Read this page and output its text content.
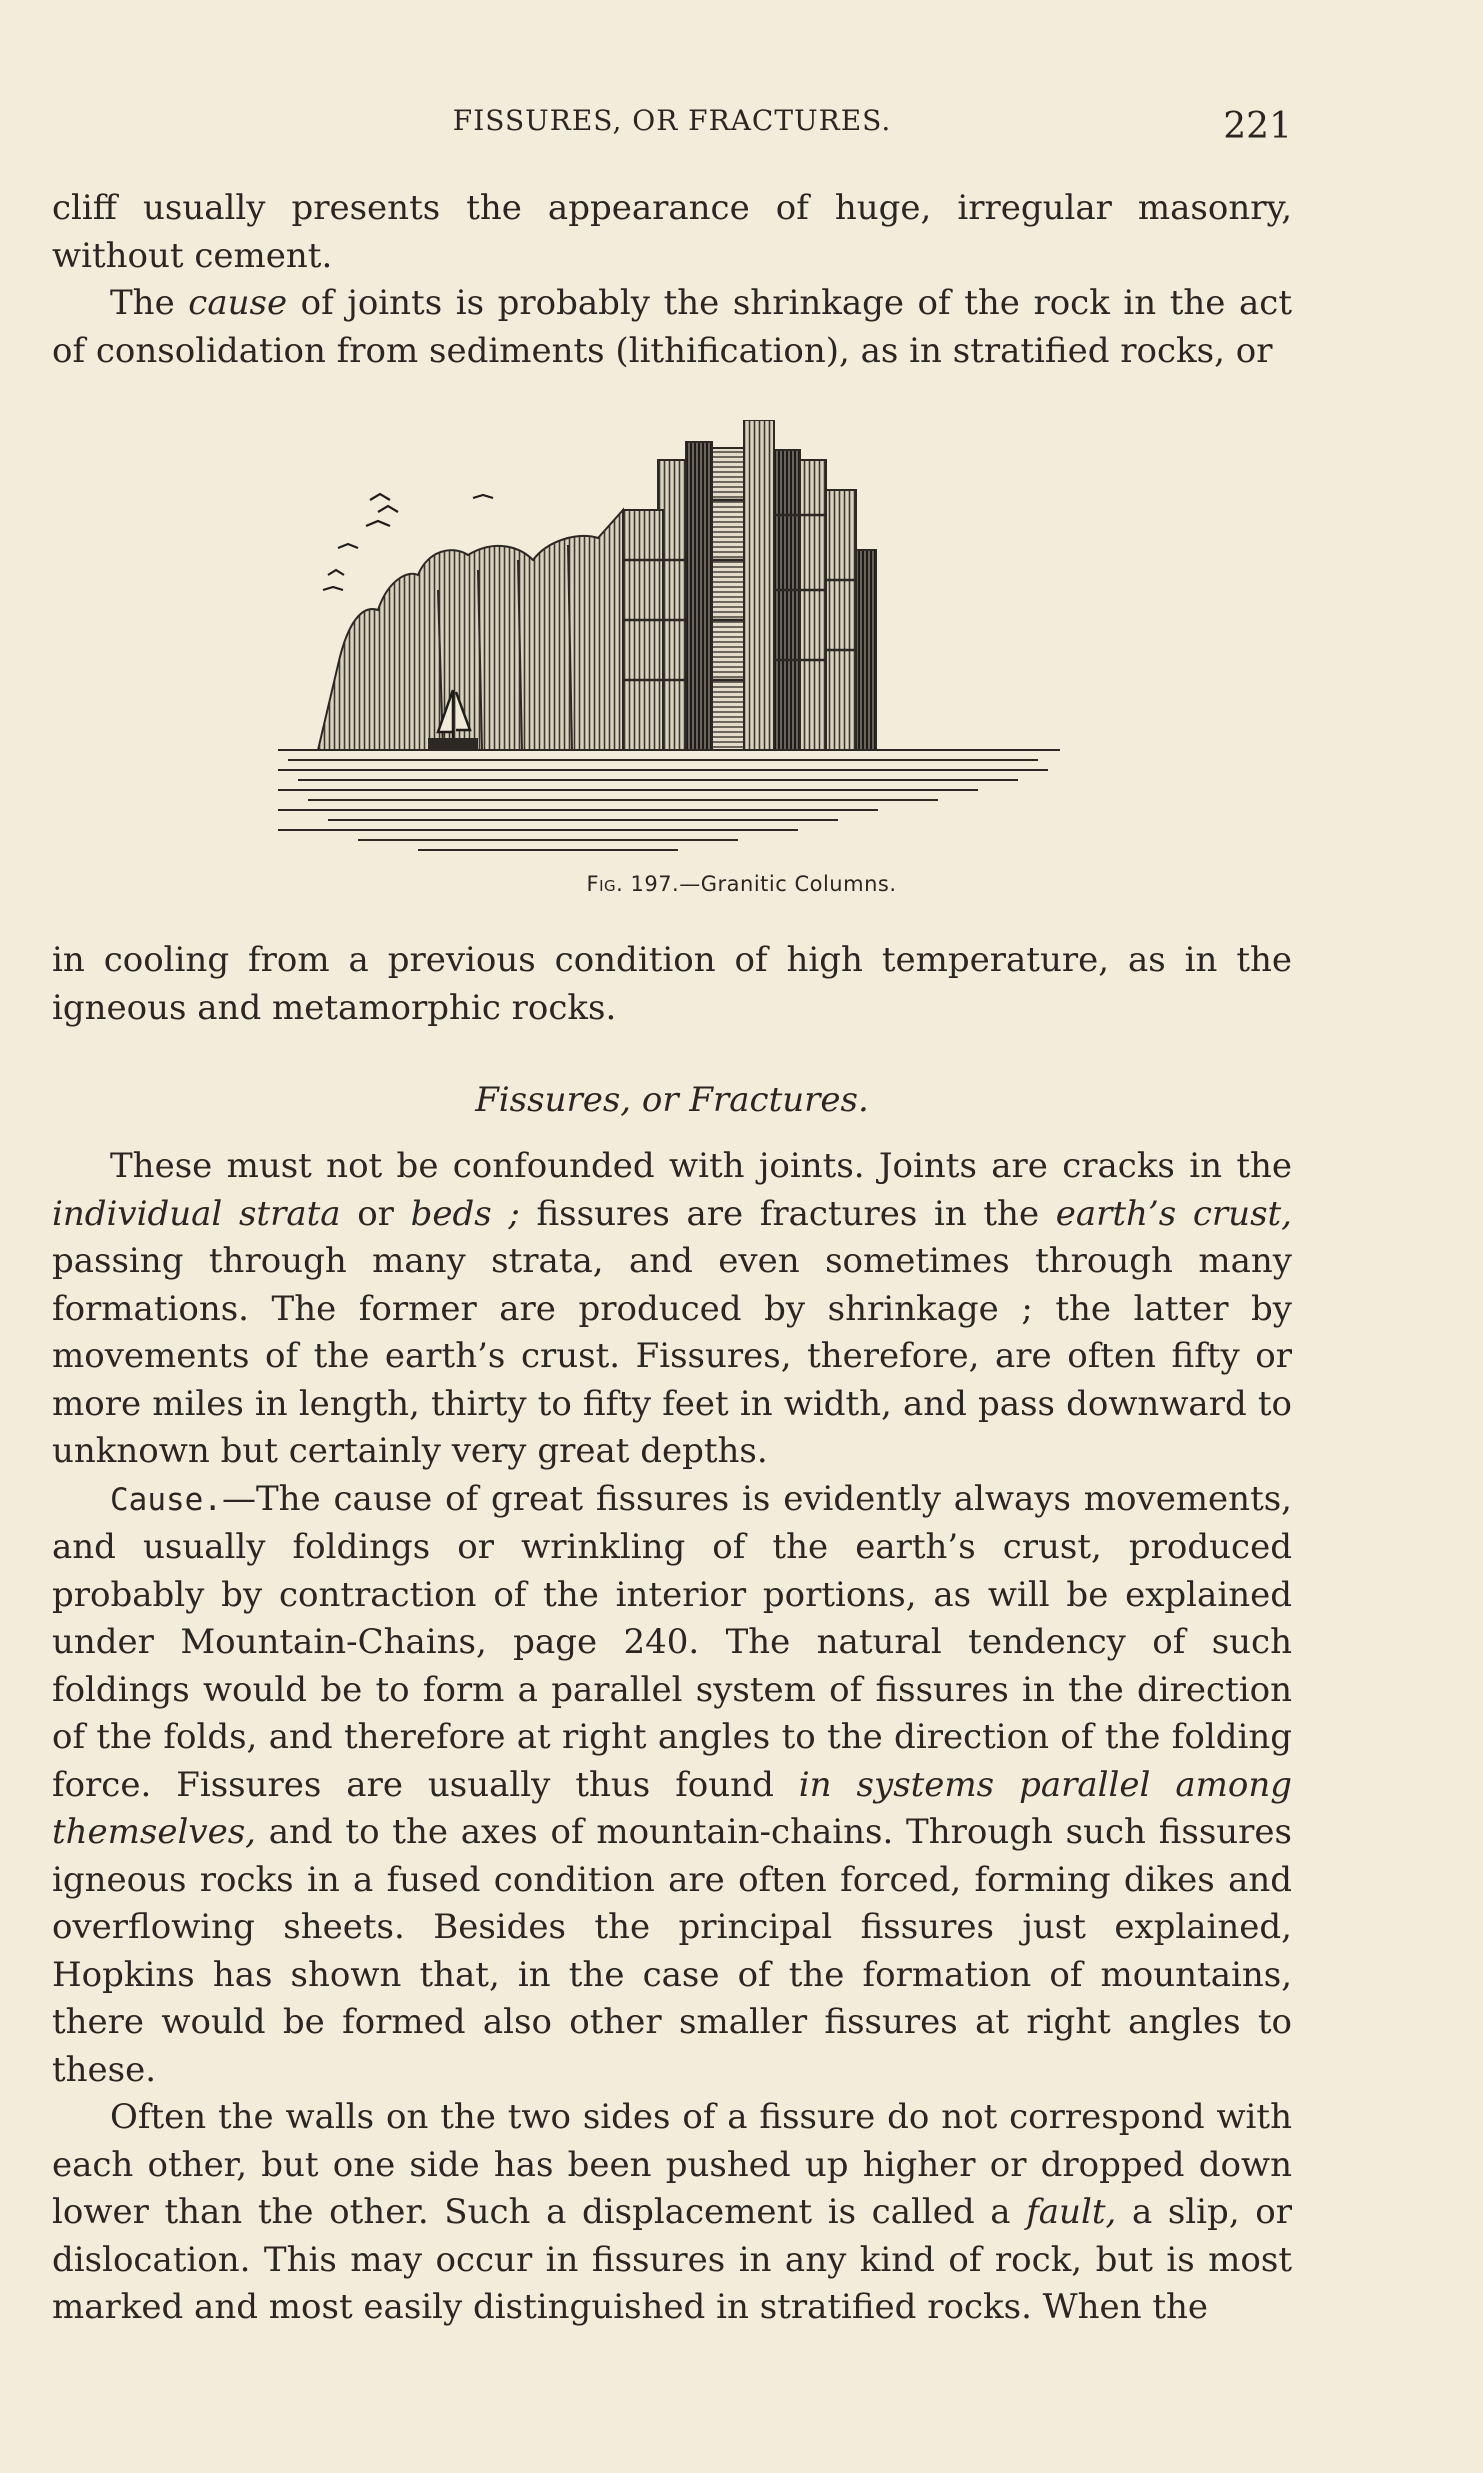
FISSURES, OR FRACTURES.	221

cliff usually presents the appearance of huge, irregular masonry, without cement.

The cause of joints is probably the shrinkage of the rock in the act of consolidation from sediments (lithification), as in stratified rocks, or

Fig. 197.—Granitic Columns.

in cooling from a previous condition of high temperature, as in the igneous and metamorphic rocks.

Fissures, or Fractures.

These must not be confounded with joints. Joints are cracks in the individual strata or beds ; fissures are fractures in the earth’s crust, passing through many strata, and even sometimes through many formations. The former are produced by shrinkage ; the latter by movements of the earth’s crust. Fissures, therefore, are often fifty or more miles in length, thirty to fifty feet in width, and pass downward to unknown but certainly very great depths.

Cause.—The cause of great fissures is evidently always movements, and usually foldings or wrinkling of the earth’s crust, produced probably by contraction of the interior portions, as will be explained under Mountain-Chains, page 240. The natural tendency of such foldings would be to form a parallel system of fissures in the direction of the folds, and therefore at right angles to the direction of the folding force. Fissures are usually thus found in systems parallel among themselves, and to the axes of mountain-chains. Through such fissures igneous rocks in a fused condition are often forced, forming dikes and overflowing sheets. Besides the principal fissures just explained, Hopkins has shown that, in the case of the formation of mountains, there would be formed also other smaller fissures at right angles to these.

Often the walls on the two sides of a fissure do not correspond with each other, but one side has been pushed up higher or dropped down lower than the other. Such a displacement is called a fault, a slip, or dislocation. This may occur in fissures in any kind of rock, but is most marked and most easily distinguished in stratified rocks. When the
